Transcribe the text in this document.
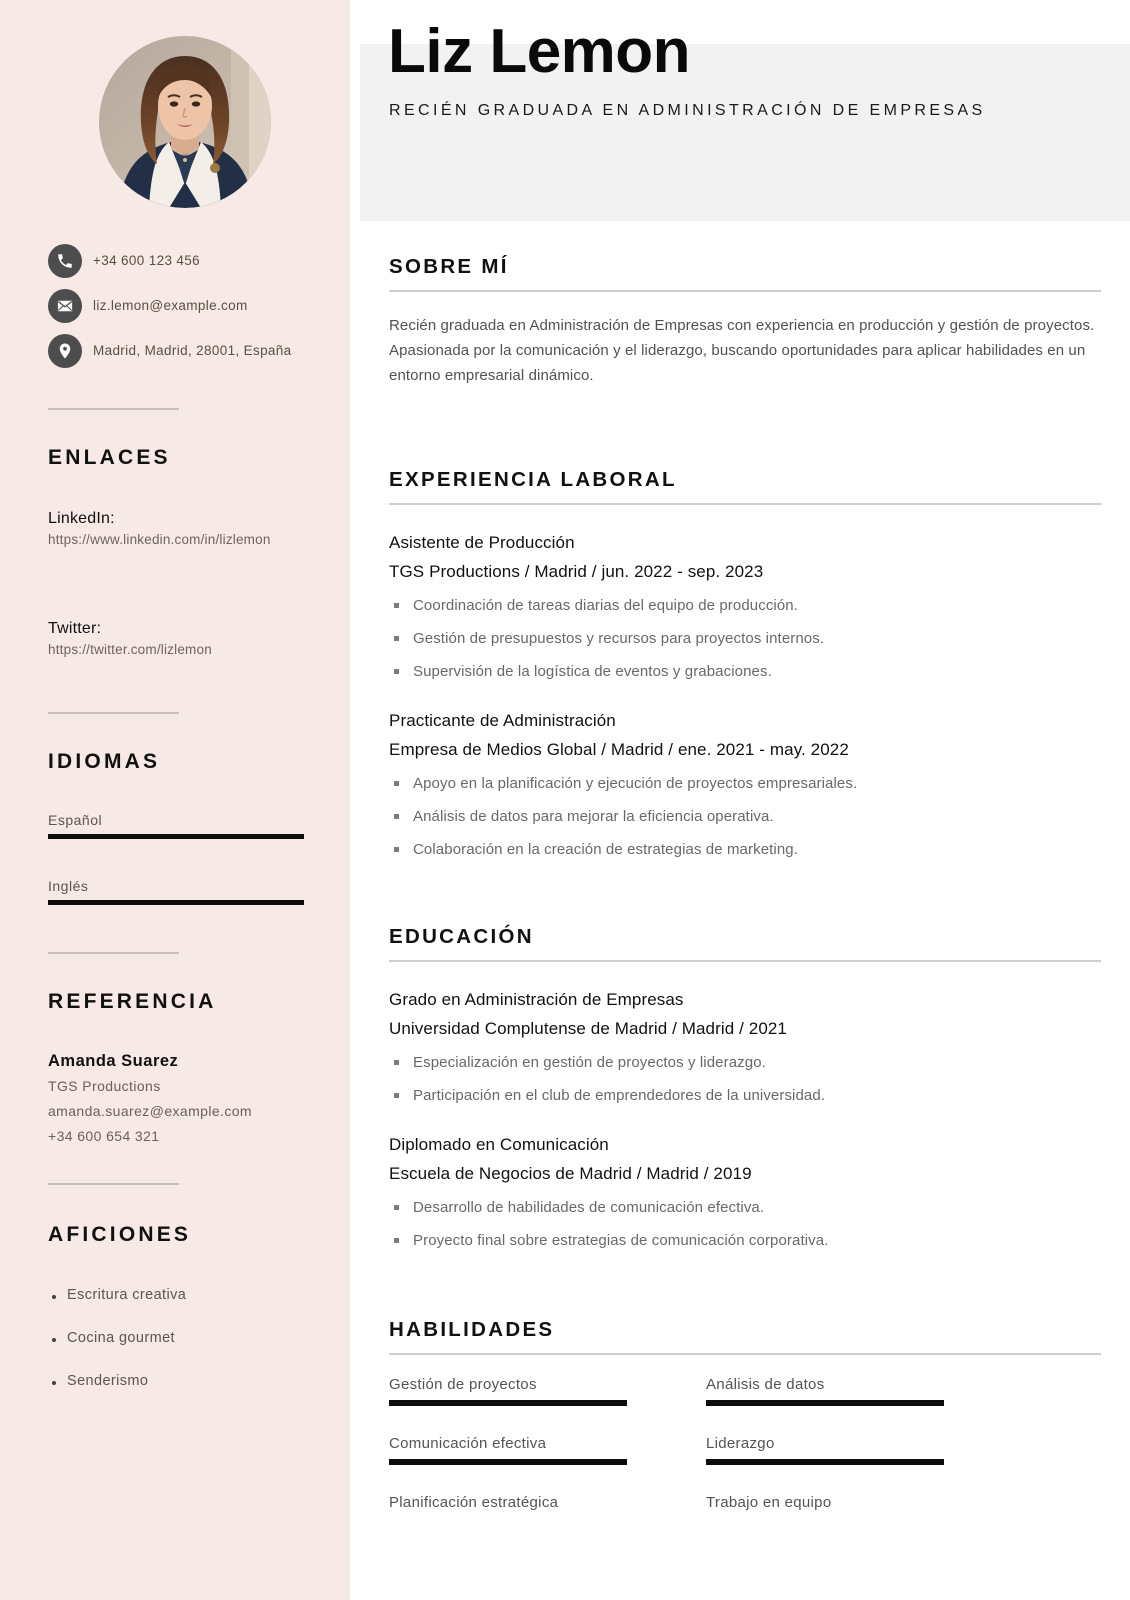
+34 600 123 456
liz.lemon@example.com
Madrid, Madrid, 28001, España
ENLACES
LinkedIn:
https://www.linkedin.com/in/lizlemon
Twitter:
https://twitter.com/lizlemon
IDIOMAS
Español
Inglés
REFERENCIA
Amanda Suarez
TGS Productions
amanda.suarez@example.com
+34 600 654 321
AFICIONES
Escritura creativa
Cocina gourmet
Senderismo
Liz Lemon
RECIÉN GRADUADA EN ADMINISTRACIÓN DE EMPRESAS
SOBRE MÍ

Recién graduada en Administración de Empresas con experiencia en producción y gestión de proyectos. Apasionada por la comunicación y el liderazgo, buscando oportunidades para aplicar habilidades en un entorno empresarial dinámico.

EXPERIENCIA LABORAL
Asistente de Producción
TGS Productions / Madrid / jun. 2022 - sep. 2023
Coordinación de tareas diarias del equipo de producción.
Gestión de presupuestos y recursos para proyectos internos.
Supervisión de la logística de eventos y grabaciones.
Practicante de Administración
Empresa de Medios Global / Madrid / ene. 2021 - may. 2022
Apoyo en la planificación y ejecución de proyectos empresariales.
Análisis de datos para mejorar la eficiencia operativa.
Colaboración en la creación de estrategias de marketing.
EDUCACIÓN
Grado en Administración de Empresas
Universidad Complutense de Madrid / Madrid / 2021
Especialización en gestión de proyectos y liderazgo.
Participación en el club de emprendedores de la universidad.
Diplomado en Comunicación
Escuela de Negocios de Madrid / Madrid / 2019
Desarrollo de habilidades de comunicación efectiva.
Proyecto final sobre estrategias de comunicación corporativa.
HABILIDADES
Gestión de proyectos	Análisis de datos
Comunicación efectiva	Liderazgo
Planificación estratégica	Trabajo en equipo
